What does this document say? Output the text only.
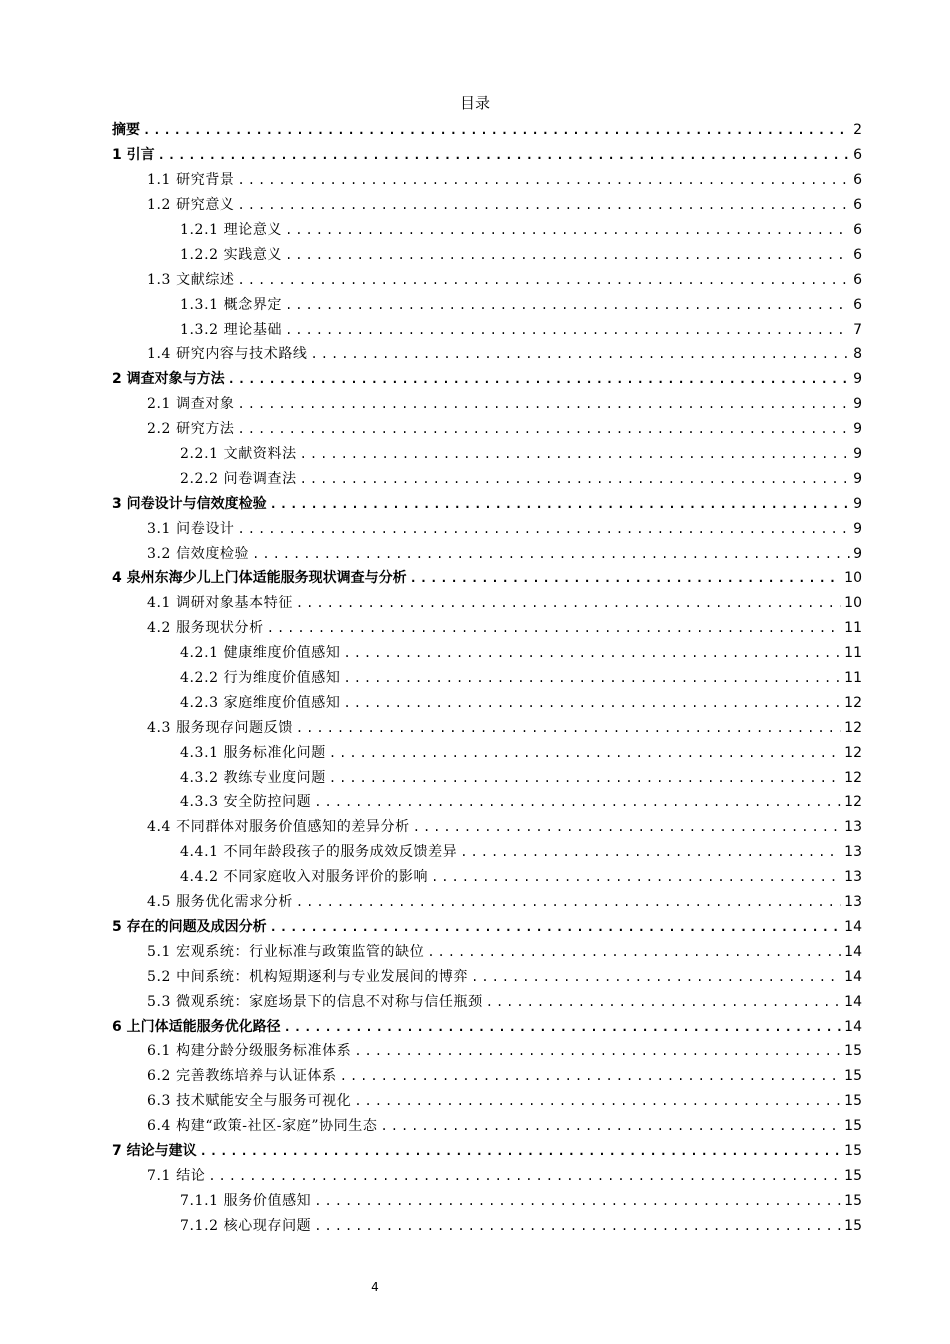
目录
摘要 .....	2
1 引言 .....	6
1.1 研究背景 .....	6
1.2 研究意义 .....	6
1.2.1 理论意义 .....	6
1.2.2 实践意义 .....	6
1.3 文献综述 .....	6
1.3.1 概念界定 .....	6
1.3.2 理论基础 .....	7
1.4 研究内容与技术路线 .....	8
2 调查对象与方法 .....	9
2.1 调查对象 .....	9
2.2 研究方法 .....	9
2.2.1 文献资料法 .....	9
2.2.2 问卷调查法 .....	9
3 问卷设计与信效度检验 .....	9
3.1 问卷设计 .....	9
3.2 信效度检验 .....	9
4 泉州东海少儿上门体适能服务现状调查与分析 .....	10
4.1 调研对象基本特征 .....	10
4.2 服务现状分析 .....	11
4.2.1 健康维度价值感知 .....	11
4.2.2 行为维度价值感知 .....	11
4.2.3 家庭维度价值感知 .....	12
4.3 服务现存问题反馈 .....	12
4.3.1 服务标准化问题 .....	12
4.3.2 教练专业度问题 .....	12
4.3.3 安全防控问题 .....	12
4.4 不同群体对服务价值感知的差异分析 .....	13
4.4.1 不同年龄段孩子的服务成效反馈差异 .....	13
4.4.2 不同家庭收入对服务评价的影响 .....	13
4.5 服务优化需求分析 .....	13
5 存在的问题及成因分析 .....	14
5.1 宏观系统：行业标准与政策监管的缺位 .....	14
5.2 中间系统：机构短期逐利与专业发展间的博弈 .....	14
5.3 微观系统：家庭场景下的信息不对称与信任瓶颈 .....	14
6 上门体适能服务优化路径 .....	14
6.1 构建分龄分级服务标准体系 .....	15
6.2 完善教练培养与认证体系 .....	15
6.3 技术赋能安全与服务可视化 .....	15
6.4 构建“政策-社区-家庭”协同生态 .....	15
7 结论与建议 .....	15
7.1 结论 .....	15
7.1.1 服务价值感知 .....	15
7.1.2 核心现存问题 .....	15
4
